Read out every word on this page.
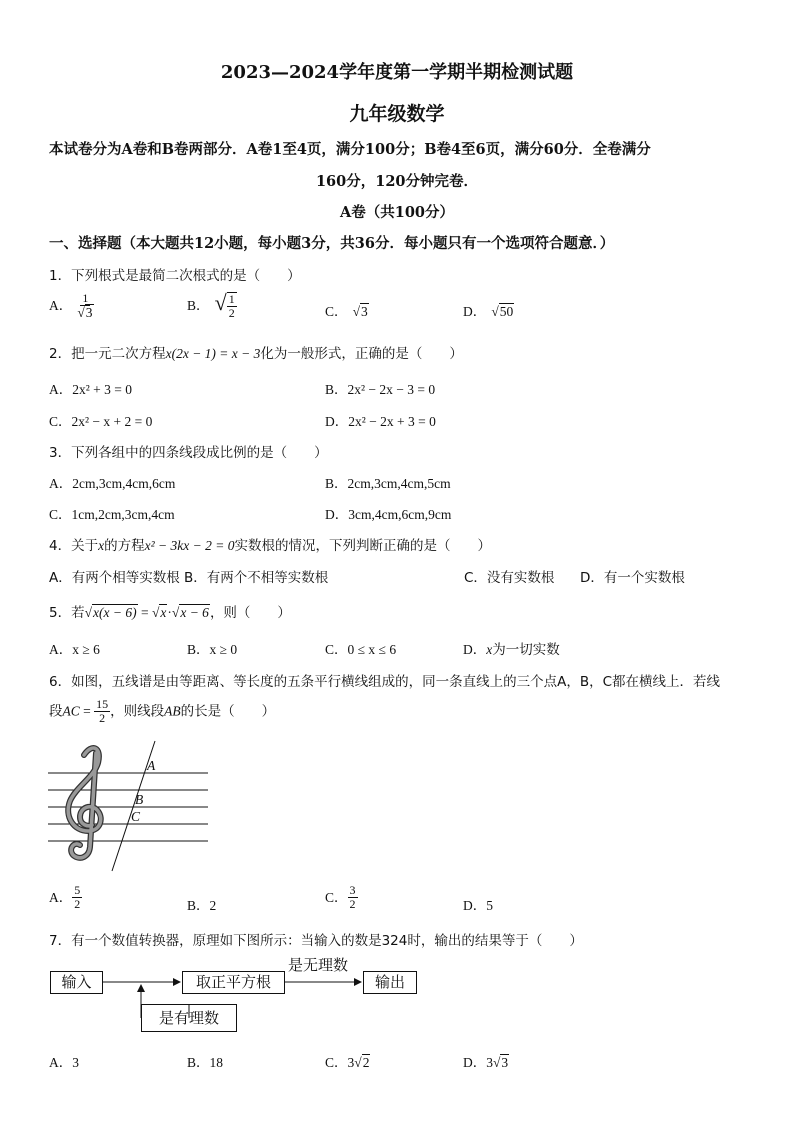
2023—2024学年度第一学期半期检测试题
九年级数学
本试卷分为A卷和B卷两部分．A卷1至4页，满分100分；B卷4至6页，满分60分．全卷满分
160分，120分钟完卷．
A卷（共100分）
一、选择题（本大题共12小题，每小题3分，共36分．每小题只有一个选项符合题意．）
1．下列根式是最简二次根式的是（　　）
A． $\frac{1}{√3}$	B． √ $\frac{1}{2}$	C． √3	D． √50
2．把一元二次方程x(2x − 1) = x − 3化为一般形式，正确的是（　　）
A．2x² + 3 = 0	B．2x² − 2x − 3 = 0
C．2x² − x + 2 = 0	D．2x² − 2x + 3 = 0
3．下列各组中的四条线段成比例的是（　　）
A．2cm,3cm,4cm,6cm	B．2cm,3cm,4cm,5cm
C．1cm,2cm,3cm,4cm	D．3cm,4cm,6cm,9cm
4．关于x的方程x² − 3kx − 2 = 0实数根的情况，下列判断正确的是（　　）
A．有两个相等实数根 B．有两个不相等实数根	C．没有实数根 D．有一个实数根
5．若√x(x − 6) = √x·√x − 6，则（　　）
A．x ≥ 6	B．x ≥ 0	C．0 ≤ x ≤ 6	D．x为一切实数
6．如图，五线谱是由等距离、等长度的五条平行横线组成的，同一条直线上的三个点A，B，C都在横线上．若线
段AC = $\frac{15}{2}$ ，则线段AB的长是（　　）
A
B
C
A． $\frac{5}{2}$	B．2
C． $\frac{3}{2}$	D．5
7．有一个数值转换器，原理如下图所示：当输入的数是324时，输出的结果等于（　　）
输入	取正平方根	输出
是有理数
是无理数
A．3	B．18	C．3√2	D．3√3
